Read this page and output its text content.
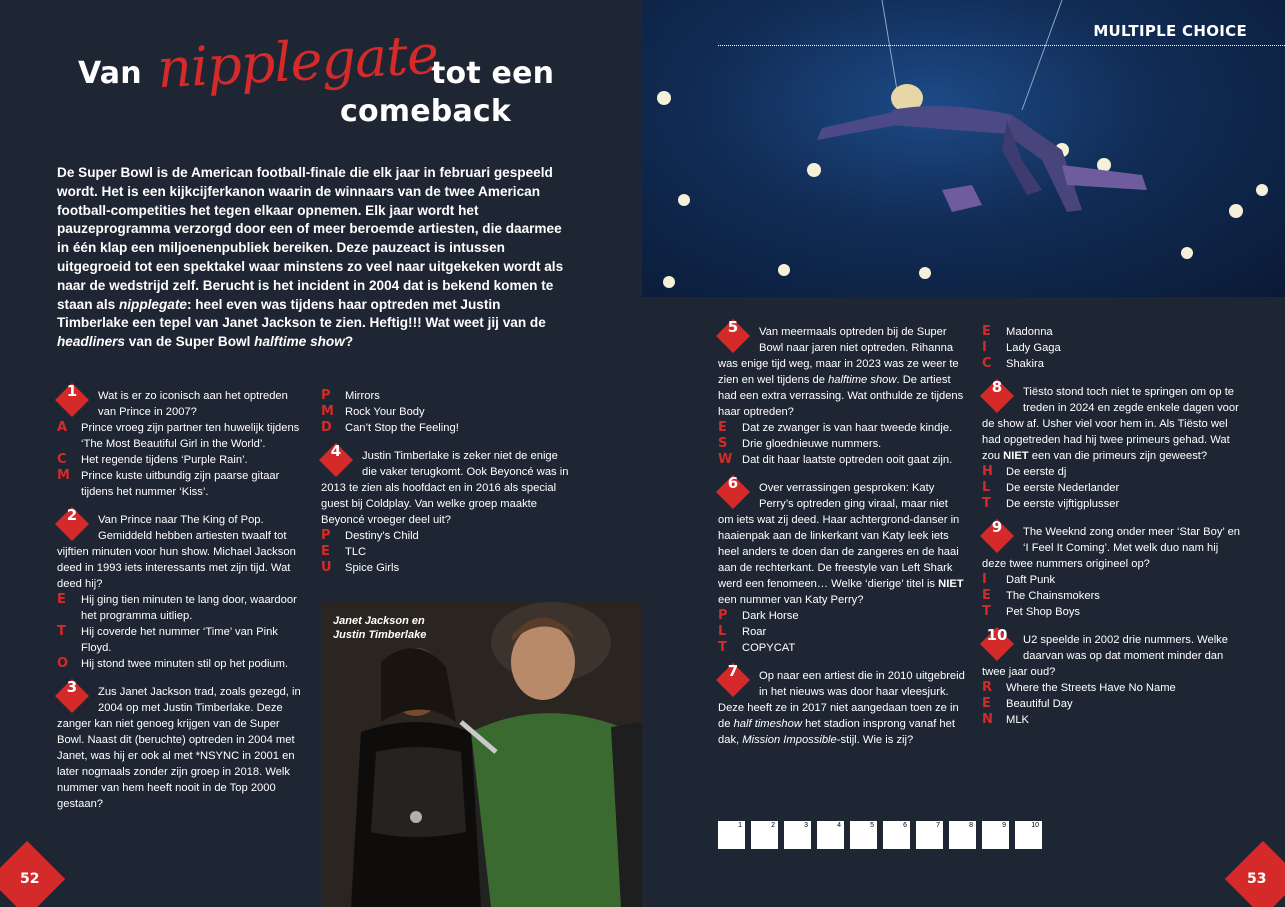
Van	tot een
comeback
nipplegate
De Super Bowl is de American football-finale die elk jaar in februari gespeeld wordt. Het is een kijkcijferkanon waarin de winnaars van de twee American football-competities het tegen elkaar opnemen. Elk jaar wordt het pauzeprogramma verzorgd door een of meer beroemde artiesten, die daarmee in één klap een miljoenenpubliek bereiken. Deze pauzeact is intussen uitgegroeid tot een spektakel waar minstens zo veel naar uitgekeken wordt als naar de wedstrijd zelf. Berucht is het incident in 2004 dat is bekend komen te staan als nipplegate: heel even was tijdens haar optreden met Justin Timberlake een tepel van Janet Jackson te zien. Heftig!!! Wat weet jij van de headliners van de Super Bowl halftime show?
1	Wat is er zo iconisch aan het optreden van Prince in 2007?
A	Prince vroeg zijn partner ten huwelijk tijdens ‘The Most Beautiful Girl in the World’.
C	Het regende tijdens ‘Purple Rain’.
M Prince kuste uitbundig zijn paarse gitaar tijdens het nummer ‘Kiss’.
2	Van Prince naar The King of Pop. Gemiddeld hebben artiesten twaalf tot vijftien minuten voor hun show. Michael Jackson deed in 1993 iets interessants met zijn tijd. Wat deed hij?
E	Hij ging tien minuten te lang door, waardoor het programma uitliep.
T	Hij coverde het nummer ‘Time’ van Pink Floyd.
O	Hij stond twee minuten stil op het podium.
3	Zus Janet Jackson trad, zoals gezegd, in 2004 op met Justin Timberlake. Deze zanger kan niet genoeg krijgen van de Super Bowl. Naast dit (beruchte) optreden in 2004 met Janet, was hij er ook al met *NSYNC in 2001 en later nogmaals zonder zijn groep in 2018. Welk nummer van hem heeft nooit in de Top 2000 gestaan?
P	Mirrors
M Rock Your Body
D	Can’t Stop the Feeling!
4	Justin Timberlake is zeker niet de enige die vaker terugkomt. Ook Beyoncé was in 2013 te zien als hoofdact en in 2016 als special guest bij Coldplay. Van welke groep maakte Beyoncé vroeger deel uit?
P	Destiny’s Child
E	TLC
U	Spice Girls
Janet Jackson en
Justin Timberlake
52
MULTIPLE CHOICE
5	Van meermaals optreden bij de Super Bowl naar jaren niet optreden. Rihanna was enige tijd weg, maar in 2023 was ze weer te zien en wel tijdens de halftime show. De artiest had een extra verrassing. Wat onthulde ze tijdens haar optreden?
E	Dat ze zwanger is van haar tweede kindje.
S	Drie gloednieuwe nummers.
W Dat dit haar laatste optreden ooit gaat zijn.
6	Over verrassingen gesproken: Katy Perry’s optreden ging viraal, maar niet om iets wat zij deed. Haar achtergrond-danser in haaienpak aan de linkerkant van Katy leek iets heel anders te doen dan de zangeres en de haai aan de rechterkant. De freestyle van Left Shark werd een fenomeen… Welke ‘dierige’ titel is NIET een nummer van Katy Perry?
P	Dark Horse
L	Roar
T	COPYCAT
7	Op naar een artiest die in 2010 uitgebreid in het nieuws was door haar vleesjurk. Deze heeft ze in 2017 niet aangedaan toen ze in de half timeshow het stadion insprong vanaf het dak, Mission Impossible-stijl. Wie is zij?
E	Madonna
I	Lady Gaga
C	Shakira
8	Tiësto stond toch niet te springen om op te treden in 2024 en zegde enkele dagen voor de show af. Usher viel voor hem in. Als Tiësto wel had opgetreden had hij twee primeurs gehad. Wat zou NIET een van die primeurs zijn geweest?
H	De eerste dj
L	De eerste Nederlander
T	De eerste vijftigplusser
9	The Weeknd zong onder meer ‘Star Boy’ en ‘I Feel It Coming’. Met welk duo nam hij deze twee nummers origineel op?
I	Daft Punk
E	The Chainsmokers
T	Pet Shop Boys
10	U2 speelde in 2002 drie nummers. Welke daarvan was op dat moment minder dan twee jaar oud?
R	Where the Streets Have No Name
E	Beautiful Day
N	MLK
1	2	3	4	5	6	7	8	9	10
53
